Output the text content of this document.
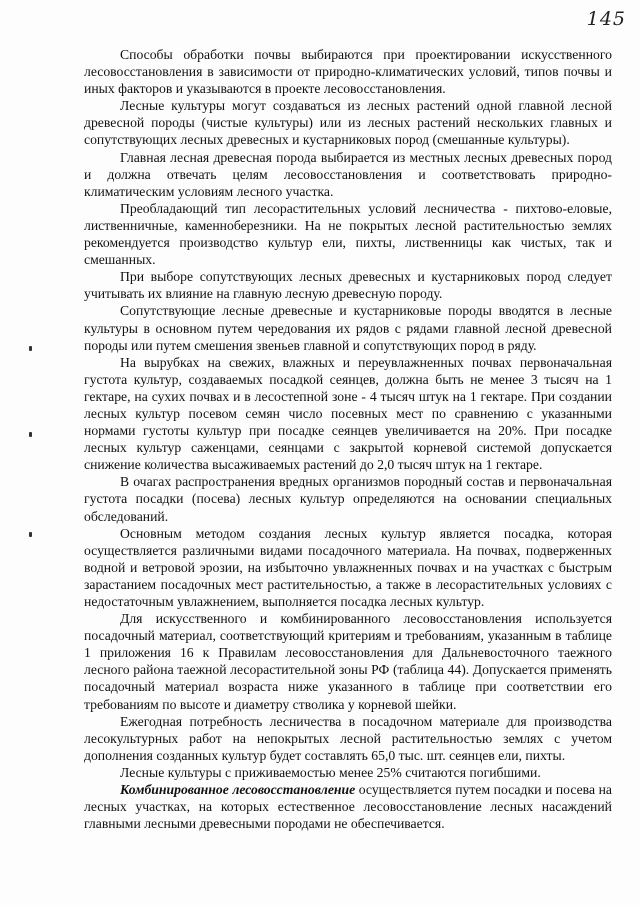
145

Способы обработки почвы выбираются при проектировании искусственного лесовосстановления в зависимости от природно-климатических условий, типов почвы и иных факторов и указываются в проекте лесовосстановления.

Лесные культуры могут создаваться из лесных растений одной главной лесной древесной породы (чистые культуры) или из лесных растений нескольких главных и сопутствующих лесных древесных и кустарниковых пород (смешанные культуры).

Главная лесная древесная порода выбирается из местных лесных древесных пород и должна отвечать целям лесовосстановления и соответствовать природно-климатическим условиям лесного участка.

Преобладающий тип лесорастительных условий лесничества - пихтово-еловые, лиственничные, каменноберезники. На не покрытых лесной растительностью землях рекомендуется производство культур ели, пихты, лиственницы как чистых, так и смешанных.

При выборе сопутствующих лесных древесных и кустарниковых пород следует учитывать их влияние на главную лесную древесную породу.

Сопутствующие лесные древесные и кустарниковые породы вводятся в лесные культуры в основном путем чередования их рядов с рядами главной лесной древесной породы или путем смешения звеньев главной и сопутствующих пород в ряду.

На вырубках на свежих, влажных и переувлажненных почвах первоначальная густота культур, создаваемых посадкой сеянцев, должна быть не менее 3 тысяч на 1 гектаре, на сухих почвах и в лесостепной зоне - 4 тысяч штук на 1 гектаре. При создании лесных культур посевом семян число посевных мест по сравнению с указанными нормами густоты культур при посадке сеянцев увеличивается на 20%. При посадке лесных культур саженцами, сеянцами с закрытой корневой системой допускается снижение количества высаживаемых растений до 2,0 тысяч штук на 1 гектаре.

В очагах распространения вредных организмов породный состав и первоначальная густота посадки (посева) лесных культур определяются на основании специальных обследований.

Основным методом создания лесных культур является посадка, которая осуществляется различными видами посадочного материала. На почвах, подверженных водной и ветровой эрозии, на избыточно увлажненных почвах и на участках с быстрым зарастанием посадочных мест растительностью, а также в лесорастительных условиях с недостаточным увлажнением, выполняется посадка лесных культур.

Для искусственного и комбинированного лесовосстановления используется посадочный материал, соответствующий критериям и требованиям, указанным в таблице 1 приложения 16 к Правилам лесовосстановления для Дальневосточного таежного лесного района таежной лесорастительной зоны РФ (таблица 44). Допускается применять посадочный материал возраста ниже указанного в таблице при соответствии его требованиям по высоте и диаметру стволика у корневой шейки.

Ежегодная потребность лесничества в посадочном материале для производства лесокультурных работ на непокрытых лесной растительностью землях с учетом дополнения созданных культур будет составлять 65,0 тыс. шт. сеянцев ели, пихты.

Лесные культуры с приживаемостью менее 25% считаются погибшими.

Комбинированное лесовосстановление осуществляется путем посадки и посева на лесных участках, на которых естественное лесовосстановление лесных насаждений главными лесными древесными породами не обеспечивается.
